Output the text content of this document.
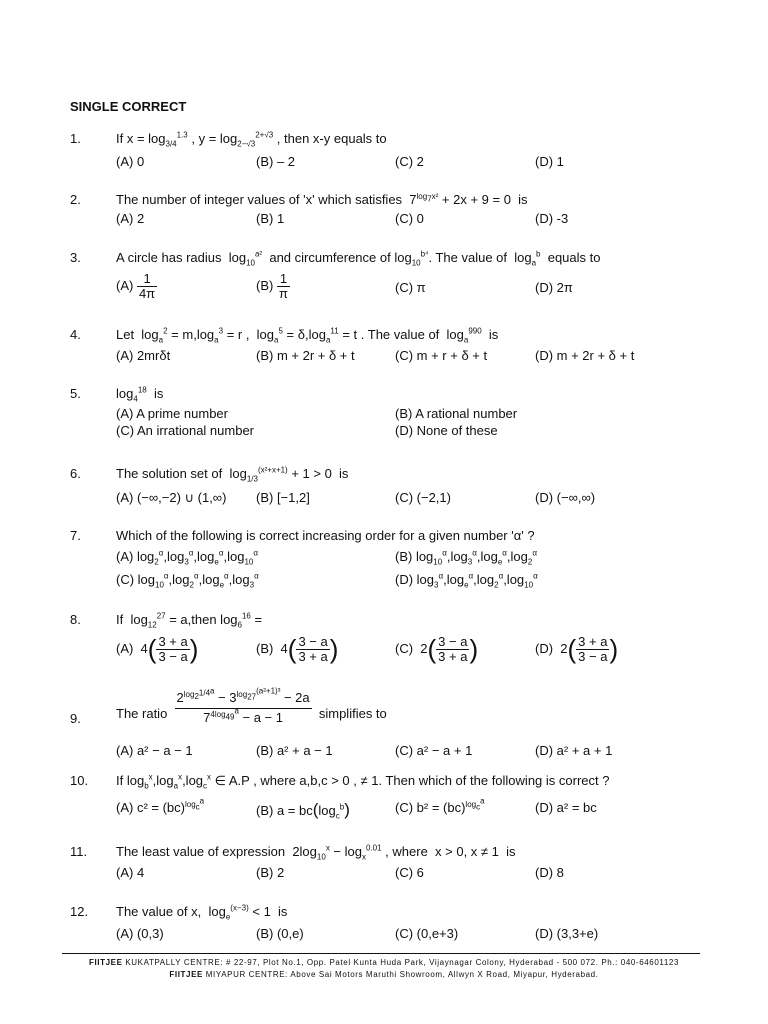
SINGLE CORRECT
1.	If $x = \log_{3/4}^{1.3}$ , $y = \log_{2-√3}^{2+√3}$ , then x-y equals to
(A) 0	(B) – 2	(C) 2	(D) 1
2.	The number of integer values of 'x' which satisfies  $7^{log_7x^2} + 2x + 9 = 0$  is
(A) 2	(B) 1	(C) 0	(D) -3
3.	A circle has radius  $\log_{10}^{a^2}$  and circumference of $\log_{10}^{b^4}$. The value of  $\log_a^b$  equals to
$(A) \frac{1}{4\pi}$	$(B) \frac{1}{\pi}$	(C) π	(D) 2π
4.	Let  $\log_a^2 = m,\log_a^3 = r$ ,  $\log_a^5 = \delta,\log_a^{11} = t$ . The value of  $\log_a^{990}$  is
(A) 2mrδt	(B) m + 2r + δ + t	(C) m + r + δ + t	(D) m + 2r + δ + t
5.	$\log_4^{18}$  is
(A) A prime number	(B) A rational number
(C) An irrational number	(D) None of these
6.	The solution set of  $\log_{1/3}^{(x^2+x+1)} + 1 > 0$  is
(A) (−∞,−2) ∪ (1,∞) (B) [−1,2]	(C) (−2,1)	(D) (−∞,∞)
7.	Which of the following is correct increasing order for a given number 'α' ?
(A) $\log_2^\alpha,\log_3^\alpha,\log_e^\alpha,\log_{10}^\alpha$	(B) $\log_{10}^\alpha,\log_3^\alpha,\log_e^\alpha,\log_2^\alpha$
(C) $\log_{10}^\alpha,\log_2^\alpha,\log_e^\alpha,\log_3^\alpha$	(D) $\log_3^\alpha,\log_e^\alpha,\log_2^\alpha,\log_{10}^\alpha$
8.	If  $\log_{12}^{27}$ = a,then $\log_6^{16}$ =
(A)  $4( \frac{3 + a}{3 - a}$ )	(B)  $4( \frac{3 - a}{3 + a}$ )	(C)  $2( \frac{3 - a}{3 + a}$ )	(D)  $2( \frac{3 + a}{3 - a}$ )
9.	The ratio $\frac{2^{log_{2^{1/4}}^a} - 3^{log_{27}^{(a^2+1)^3}} - 2a}{7^{4log_{49}^a} - a - 1}$ simplifies to
(A) a² − a − 1	(B) a² + a − 1	(C) a² − a + 1	(D) a² + a + 1
10. If $\log_b^x,\log_a^x,\log_c^x$ ∈ A.P , where a,b,c > 0 , ≠ 1. Then which of the following is correct ?
(A) c² = (bc)$^{log_c^a}$
(B) $a = bc(\log_c^b)$	(C) b² = (bc)$^{log_c^a}$	(D) a² = bc
11. The least value of expression  $2\log_{10}^x - \log_x^{0.01}$ , where  x > 0, x ≠ 1  is
(A) 4	(B) 2	(C) 6	(D) 8
12. The value of x,  $\log_e^{(x-3)} < 1$  is
(A) (0,3)	(B) (0,e)	(C) (0,e+3)	(D) (3,3+e)
FIITJEE KUKATPALLY CENTRE: # 22-97, Plot No.1, Opp. Patel Kunta Huda Park, Vijaynagar Colony, Hyderabad - 500 072. Ph.: 040-64601123
FIITJEE MIYAPUR CENTRE: Above Sai Motors Maruthi Showroom, Allwyn X Road, Miyapur, Hyderabad.
